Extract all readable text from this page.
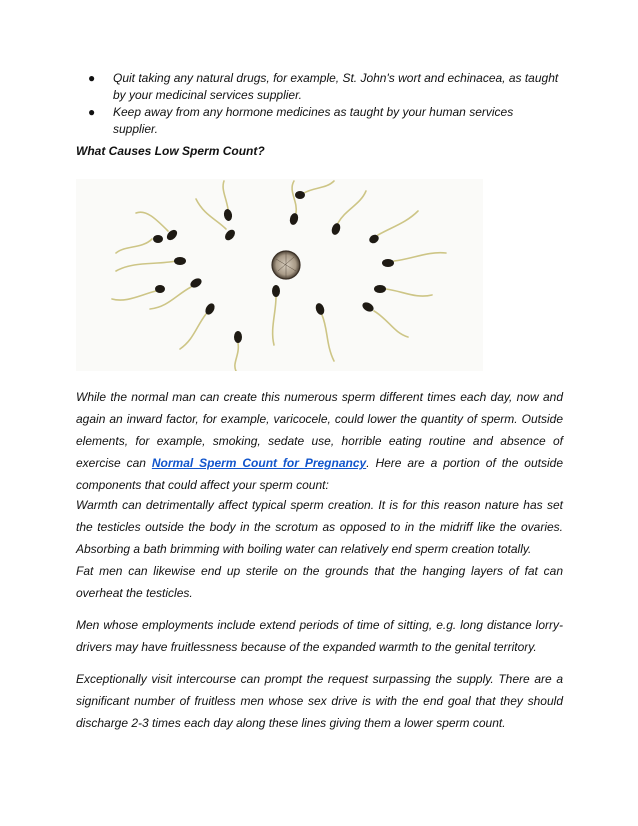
● Quit taking any natural drugs, for example, St. John's wort and echinacea, as taught by your medicinal services supplier.
● Keep away from any hormone medicines as taught by your human services supplier.
What Causes Low Sperm Count?

While the normal man can create this numerous sperm different times each day, now and again an inward factor, for example, varicocele, could lower the quantity of sperm. Outside elements, for example, smoking, sedate use, horrible eating routine and absence of exercise can Normal Sperm Count for Pregnancy. Here are a portion of the outside components that could affect your sperm count:

Warmth can detrimentally affect typical sperm creation. It is for this reason nature has set the testicles outside the body in the scrotum as opposed to in the midriff like the ovaries. Absorbing a bath brimming with boiling water can relatively end sperm creation totally.

Fat men can likewise end up sterile on the grounds that the hanging layers of fat can overheat the testicles.

Men whose employments include extend periods of time of sitting, e.g. long distance lorry-drivers may have fruitlessness because of the expanded warmth to the genital territory.

Exceptionally visit intercourse can prompt the request surpassing the supply. There are a significant number of fruitless men whose sex drive is with the end goal that they should discharge 2-3 times each day along these lines giving them a lower sperm count.
